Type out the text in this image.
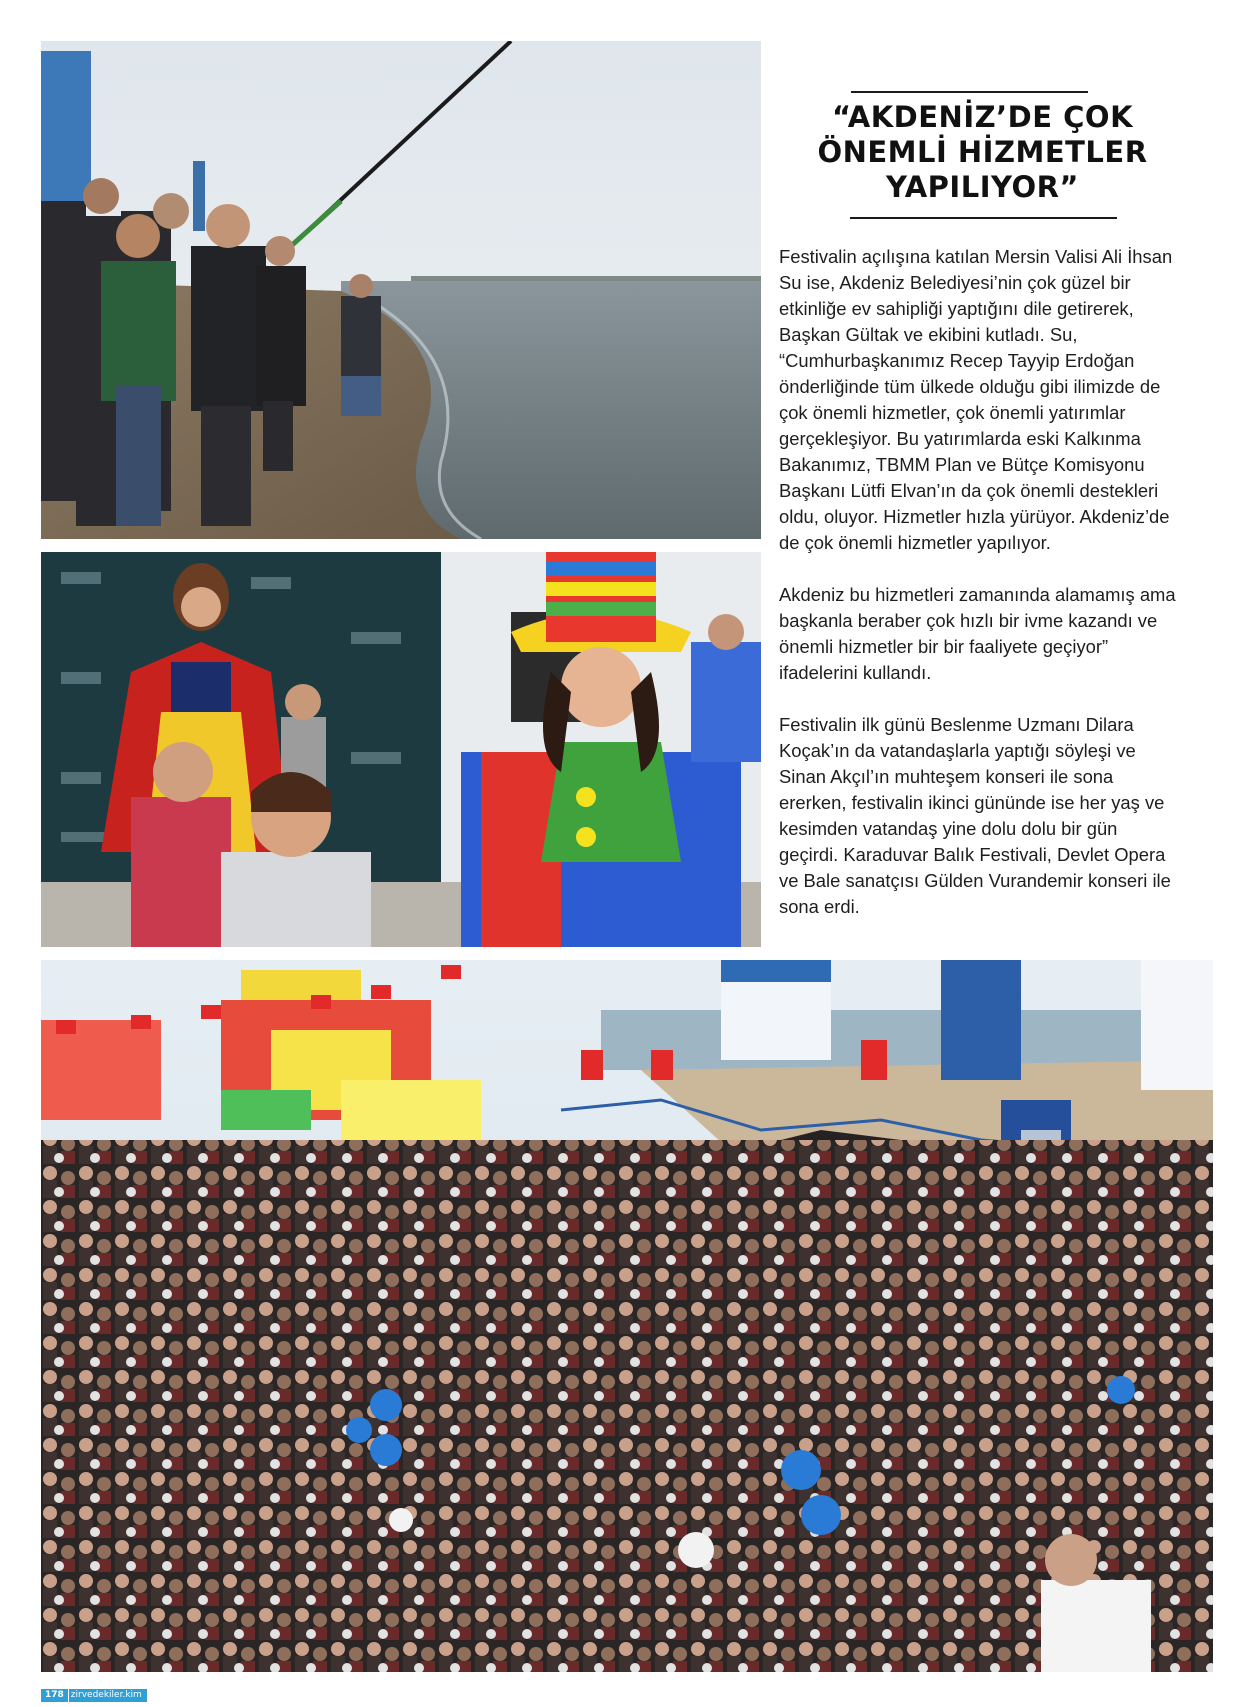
“AKDENİZ’DE ÇOK ÖNEMLİ HİZMETLER YAPILIYOR”

Festivalin açılışına katılan Mersin Valisi Ali İhsan Su ise, Akdeniz Belediyesi’nin çok güzel bir etkinliğe ev sahipliği yaptığını dile getirerek, Başkan Gültak ve ekibini kutladı. Su, “Cumhurbaşkanımız Recep Tayyip Erdoğan önderliğinde tüm ülkede olduğu gibi ilimizde de çok önemli hizmetler, çok önemli yatırımlar gerçekleşiyor. Bu yatırımlarda eski Kalkınma Bakanımız, TBMM Plan ve Bütçe Komisyonu Başkanı Lütfi Elvan’ın da çok önemli destekleri oldu, oluyor. Hizmetler hızla yürüyor. Akdeniz’de de çok önemli hizmetler yapılıyor.

Akdeniz bu hizmetleri zamanında alamamış ama başkanla beraber çok hızlı bir ivme kazandı ve önemli hizmetler bir bir faaliyete geçiyor” ifadelerini kullandı.

Festivalin ilk günü Beslenme Uzmanı Dilara Koçak’ın da vatandaşlarla yaptığı söyleşi ve Sinan Akçıl’ın muhteşem konseri ile sona ererken, festivalin ikinci gününde ise her yaş ve kesimden vatandaş yine dolu dolu bir gün geçirdi. Karaduvar Balık Festivali, Devlet Opera ve Bale sanatçısı Gülden Vurandemir konseri ile sona erdi.

178 zirvedekiler.kim
